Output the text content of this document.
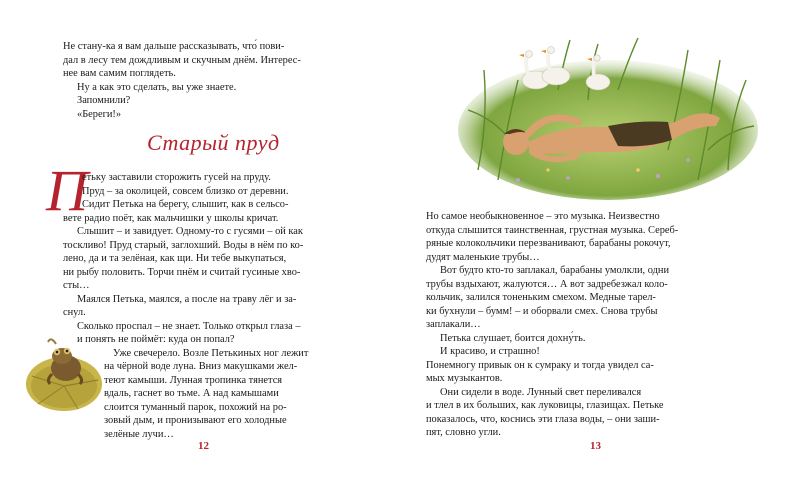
Не стану-ка я вам дальше рассказывать, что́ пови-

дал в лесу тем дождливым и скучным днём. Интерес-

нее вам самим поглядеть.

Ну а как это сделать, вы уже знаете.

Запомнили?

«Береги!»

Старый пруд
П

етьку заставили сторожить гусей на пруду.

Пруд – за околицей, совсем близко от деревни.

Сидит Петька на берегу, слышит, как в сельсо-

вете радио поёт, как мальчишки у школы кричат.

Слышит – и завидует. Одному-то с гусями – ой как

тоскливо! Пруд старый, заглохший. Воды в нём по ко-

лено, да и та зелёная, как щи. Ни тебе выкупаться,

ни рыбу половить. Торчи пнём и считай гусиные хво-

сты…

Маялся Петька, маялся, а после на траву лёг и за-

снул.

Сколько проспал – не знает. Только открыл глаза –

и понять не поймёт: куда он попал?

Уже свечерело. Возле Петькиных ног лежит

на чёрной воде луна. Вниз макушками жел-

теют камыши. Лунная тропинка тянется

вдаль, гаснет во тьме. А над камышами

слоится туманный парок, похожий на ро-

зовый дым, и пронизывают его холодные

зелёные лучи…

12

Но самое необыкновенное – это музыка. Неизвестно

откуда слышится таинственная, грустная музыка. Сереб-

ряные колокольчики перезванивают, барабаны рокочут,

дудят маленькие трубы…

Вот будто кто-то заплакал, барабаны умолкли, одни

трубы вздыхают, жалуются… А вот задребезжал коло-

кольчик, залился тоненьким смехом. Медные тарел-

ки бухнули – бумм! – и оборвали смех. Снова трубы

заплакали…

Петька слушает, боится дохну́ть.

И красиво, и страшно!

Понемногу привык он к сумраку и тогда увидел са-

мых музыкантов.

Они сидели в воде. Лунный свет переливался

и тлел в их больших, как луковицы, глазищах. Петьке

показалось, что, коснись эти глаза воды, – они заши-

пят, словно угли.

13
